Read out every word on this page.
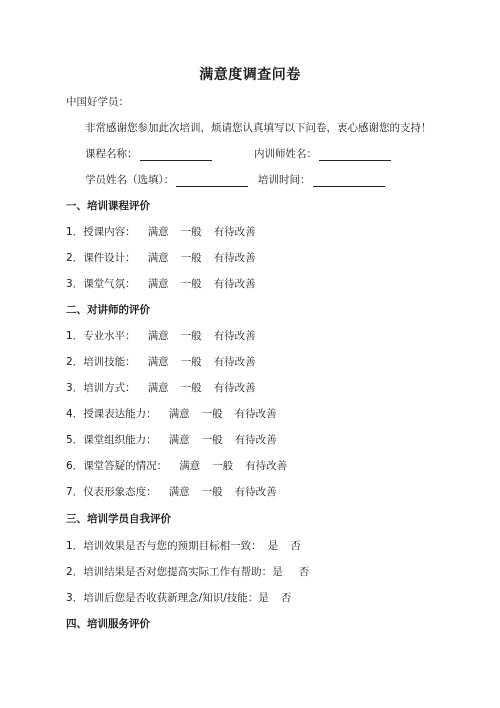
满意度调查问卷
中国好学员：
非常感谢您参加此次培训，烦请您认真填写以下问卷，衷心感谢您的支持！
课程名称：	内训师姓名：
学员姓名（选填）：	培训时间：
一、培训课程评价
1．授课内容： 满意 一般 有待改善
2．课件设计： 满意 一般 有待改善
3．课堂气氛： 满意 一般 有待改善
二、对讲师的评价
1．专业水平： 满意 一般 有待改善
2．培训技能： 满意 一般 有待改善
3．培训方式： 满意 一般 有待改善
4．授课表达能力： 满意 一般 有待改善
5．课堂组织能力： 满意 一般 有待改善
6．课堂答疑的情况： 满意 一般 有待改善
7．仪表形象态度： 满意 一般 有待改善
三、培训学员自我评价
1．培训效果是否与您的预期目标相一致： 是 否
2．培训结果是否对您提高实际工作有帮助：是 否
3．培训后您是否收获新理念/知识/技能：是 否
四、培训服务评价
